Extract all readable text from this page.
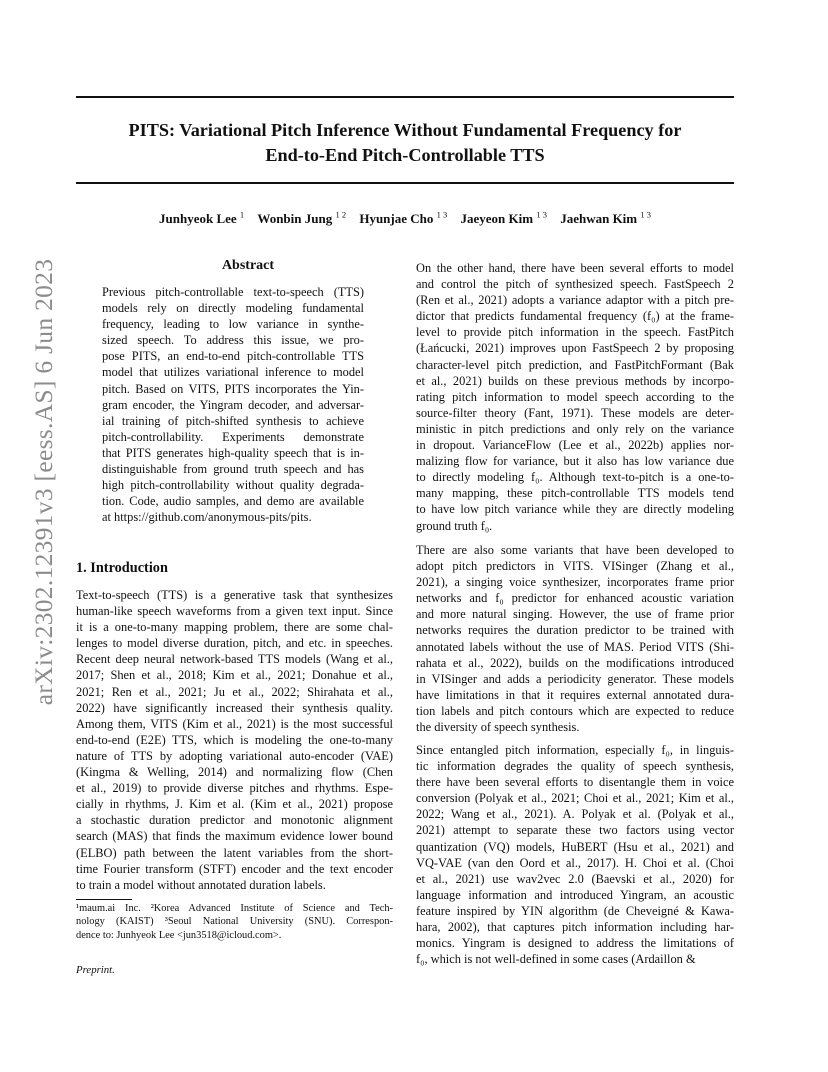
PITS: Variational Pitch Inference Without Fundamental Frequency for
End-to-End Pitch-Controllable TTS
Junhyeok Lee $^1$ Wonbin Jung $^{1 2}$ Hyunjae Cho $^{1 3}$ Jaeyeon Kim $^{1 3}$ Jaehwan Kim $^{1 3}$
arXiv:2302.12391v3 [eess.AS] 6 Jun 2023	Abstract
Previous pitch-controllable text-to-speech (TTS)
models rely on directly modeling fundamental
frequency, leading to low variance in synthe-
sized speech. To address this issue, we pro-
pose PITS, an end-to-end pitch-controllable TTS
model that utilizes variational inference to model
pitch. Based on VITS, PITS incorporates the Yin-
gram encoder, the Yingram decoder, and adversar-
ial training of pitch-shifted synthesis to achieve
pitch-controllability. Experiments demonstrate
that PITS generates high-quality speech that is in-
distinguishable from ground truth speech and has
high pitch-controllability without quality degrada-
tion. Code, audio samples, and demo are available
at https://github.com/anonymous-pits/pits.
1. Introduction
Text-to-speech (TTS) is a generative task that synthesizes
human-like speech waveforms from a given text input. Since
it is a one-to-many mapping problem, there are some chal-
lenges to model diverse duration, pitch, and etc. in speeches.
Recent deep neural network-based TTS models (Wang et al.,
2017; Shen et al., 2018; Kim et al., 2021; Donahue et al.,
2021; Ren et al., 2021; Ju et al., 2022; Shirahata et al.,
2022) have significantly increased their synthesis quality.
Among them, VITS (Kim et al., 2021) is the most successful
end-to-end (E2E) TTS, which is modeling the one-to-many
nature of TTS by adopting variational auto-encoder (VAE)
(Kingma & Welling, 2014) and normalizing flow (Chen
et al., 2019) to provide diverse pitches and rhythms. Espe-
cially in rhythms, J. Kim et al. (Kim et al., 2021) propose
a stochastic duration predictor and monotonic alignment
search (MAS) that finds the maximum evidence lower bound
(ELBO) path between the latent variables from the short-
time Fourier transform (STFT) encoder and the text encoder
to train a model without annotated duration labels.
¹maum.ai Inc. ²Korea Advanced Institute of Science and Tech-
nology (KAIST) ³Seoul National University (SNU). Correspon-
dence to: Junhyeok Lee <jun3518@icloud.com>.
Preprint.
On the other hand, there have been several efforts to model
and control the pitch of synthesized speech. FastSpeech 2
(Ren et al., 2021) adopts a variance adaptor with a pitch pre-
dictor that predicts fundamental frequency (f₀) at the frame-
level to provide pitch information in the speech. FastPitch
(Łańcucki, 2021) improves upon FastSpeech 2 by proposing
character-level pitch prediction, and FastPitchFormant (Bak
et al., 2021) builds on these previous methods by incorpo-
rating pitch information to model speech according to the
source-filter theory (Fant, 1971). These models are deter-
ministic in pitch predictions and only rely on the variance
in dropout. VarianceFlow (Lee et al., 2022b) applies nor-
malizing flow for variance, but it also has low variance due
to directly modeling f₀. Although text-to-pitch is a one-to-
many mapping, these pitch-controllable TTS models tend
to have low pitch variance while they are directly modeling
ground truth f₀.
There are also some variants that have been developed to
adopt pitch predictors in VITS. VISinger (Zhang et al.,
2021), a singing voice synthesizer, incorporates frame prior
networks and f₀ predictor for enhanced acoustic variation
and more natural singing. However, the use of frame prior
networks requires the duration predictor to be trained with
annotated labels without the use of MAS. Period VITS (Shi-
rahata et al., 2022), builds on the modifications introduced
in VISinger and adds a periodicity generator. These models
have limitations in that it requires external annotated dura-
tion labels and pitch contours which are expected to reduce
the diversity of speech synthesis.
Since entangled pitch information, especially f₀, in linguis-
tic information degrades the quality of speech synthesis,
there have been several efforts to disentangle them in voice
conversion (Polyak et al., 2021; Choi et al., 2021; Kim et al.,
2022; Wang et al., 2021). A. Polyak et al. (Polyak et al.,
2021) attempt to separate these two factors using vector
quantization (VQ) models, HuBERT (Hsu et al., 2021) and
VQ-VAE (van den Oord et al., 2017). H. Choi et al. (Choi
et al., 2021) use wav2vec 2.0 (Baevski et al., 2020) for
language information and introduced Yingram, an acoustic
feature inspired by YIN algorithm (de Cheveigné & Kawa-
hara, 2002), that captures pitch information including har-
monics. Yingram is designed to address the limitations of
f₀, which is not well-defined in some cases (Ardaillon &
